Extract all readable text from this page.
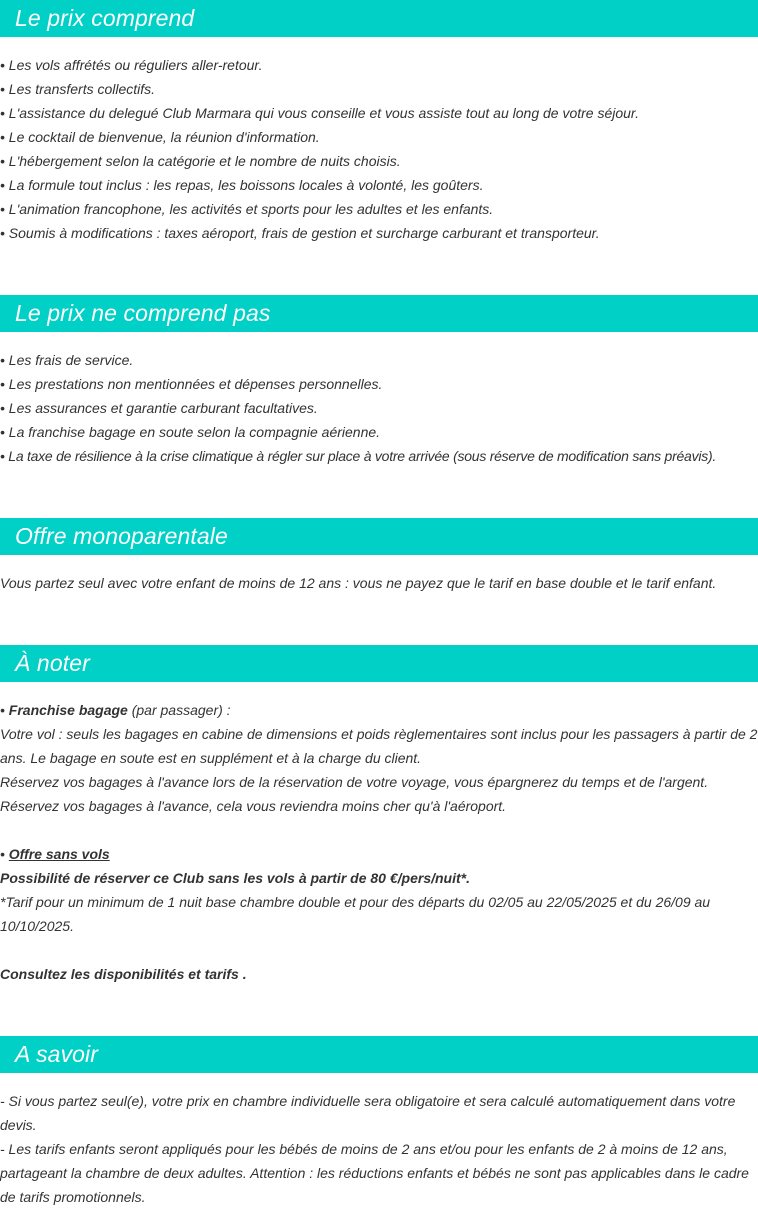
Le prix comprend
• Les vols affrétés ou réguliers aller-retour.
• Les transferts collectifs.
• L'assistance du delegué Club Marmara qui vous conseille et vous assiste tout au long de votre séjour.
• Le cocktail de bienvenue, la réunion d'information.
• L'hébergement selon la catégorie et le nombre de nuits choisis.
• La formule tout inclus : les repas, les boissons locales à volonté, les goûters.
• L'animation francophone, les activités et sports pour les adultes et les enfants.
• Soumis à modifications : taxes aéroport, frais de gestion et surcharge carburant et transporteur.
Le prix ne comprend pas
• Les frais de service.
• Les prestations non mentionnées et dépenses personnelles.
• Les assurances et garantie carburant facultatives.
• La franchise bagage en soute selon la compagnie aérienne.
• La taxe de résilience à la crise climatique à régler sur place à votre arrivée (sous réserve de modification sans préavis).
Offre monoparentale
Vous partez seul avec votre enfant de moins de 12 ans : vous ne payez que le tarif en base double et le tarif enfant.
À noter
• Franchise bagage (par passager) :
Votre vol : seuls les bagages en cabine de dimensions et poids règlementaires sont inclus pour les passagers à partir de 2 ans. Le bagage en soute est en supplément et à la charge du client.
Réservez vos bagages à l'avance lors de la réservation de votre voyage, vous épargnerez du temps et de l'argent.
Réservez vos bagages à l'avance, cela vous reviendra moins cher qu'à l'aéroport.
• Offre sans vols
Possibilité de réserver ce Club sans les vols à partir de 80 €/pers/nuit*.
*Tarif pour un minimum de 1 nuit base chambre double et pour des départs du 02/05 au 22/05/2025 et du 26/09 au 10/10/2025.
Consultez les disponibilités et tarifs .
A savoir
- Si vous partez seul(e), votre prix en chambre individuelle sera obligatoire et sera calculé automatiquement dans votre devis.
- Les tarifs enfants seront appliqués pour les bébés de moins de 2 ans et/ou pour les enfants de 2 à moins de 12 ans, partageant la chambre de deux adultes. Attention : les réductions enfants et bébés ne sont pas applicables dans le cadre de tarifs promotionnels.
